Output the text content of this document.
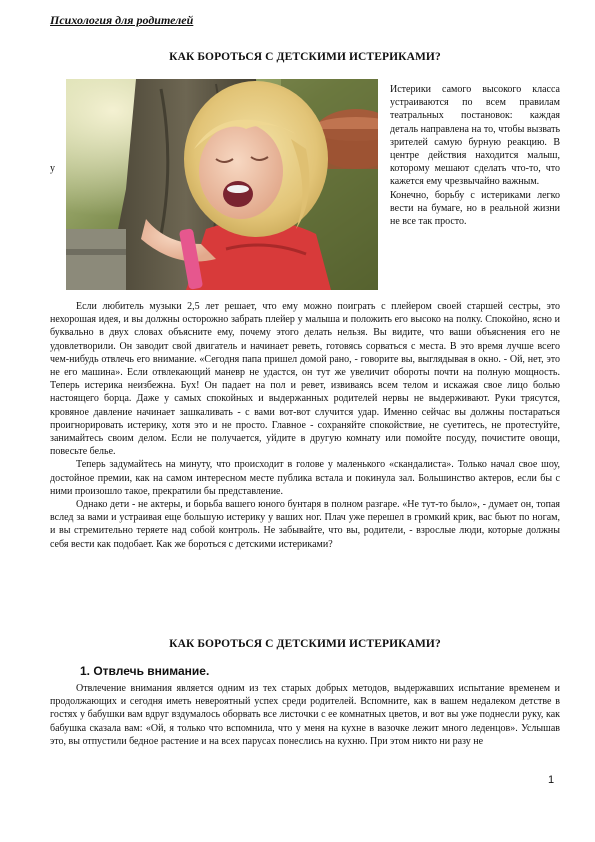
Психология для родителей
КАК БОРОТЬСЯ С ДЕТСКИМИ ИСТЕРИКАМИ?
у

Истерики самого высокого класса устраиваются по всем правилам театральных постановок: каждая деталь направлена на то, чтобы вызвать зрителей самую бурную реакцию. В центре действия находится малыш, которому мешают сделать что-то, что кажется ему чрезвычайно важным.

Конечно, борьбу с истериками легко вести на бумаге, но в реальной жизни не все так просто.

Если любитель музыки 2,5 лет решает, что ему можно поиграть с плейером своей старшей сестры, это нехорошая идея, и вы должны осторожно забрать плейер у малыша и положить его высоко на полку. Спокойно, ясно и буквально в двух словах объясните ему, почему этого делать нельзя. Вы видите, что ваши объяснения его не удовлетворили. Он заводит свой двигатель и начинает реветь, готовясь сорваться с места. В это время лучше всего чем-нибудь отвлечь его внимание. «Сегодня папа пришел домой рано, - говорите вы, выглядывая в окно. - Ой, нет, это не его машина». Если отвлекающий маневр не удастся, он тут же увеличит обороты почти на полную мощность. Теперь истерика неизбежна. Бух! Он падает на пол и ревет, извиваясь всем телом и искажая свое лицо болью настоящего борца. Даже у самых спокойных и выдержанных родителей нервы не выдерживают. Руки трясутся, кровяное давление начинает зашкаливать - с вами вот-вот случится удар. Именно сейчас вы должны постараться проигнорировать истерику, хотя это и не просто. Главное - сохраняйте спокойствие, не суетитесь, не протестуйте, занимайтесь своим делом. Если не получается, уйдите в другую комнату или помойте посуду, почистите овощи, повесьте белье.

Теперь задумайтесь на минуту, что происходит в голове у маленького «скандалиста». Только начал свое шоу, достойное премии, как на самом интересном месте публика встала и покинула зал. Большинство актеров, если бы с ними произошло такое, прекратили бы представление.

Однако дети - не актеры, и борьба вашего юного бунтаря в полном разгаре. «Не тут-то было», - думает он, топая вслед за вами и устраивая еще большую истерику у ваших ног. Плач уже перешел в громкий крик, вас бьют по ногам, и вы стремительно теряете над собой контроль. Не забывайте, что вы, родители, - взрослые люди, которые должны себя вести как подобает. Как же бороться с детскими истериками?

КАК БОРОТЬСЯ С ДЕТСКИМИ ИСТЕРИКАМИ?
1. Отвлечь внимание.

Отвлечение внимания является одним из тех старых добрых методов, выдержавших испытание временем и продолжающих и сегодня иметь невероятный успех среди родителей. Вспомните, как в вашем недалеком детстве в гостях у бабушки вам вдруг вздумалось оборвать все листочки с ее комнатных цветов, и вот вы уже поднесли руку, как бабушка сказала вам: «Ой, я только что вспомнила, что у меня на кухне в вазочке лежит много леденцов». Услышав это, вы отпустили бедное растение и на всех парусах понеслись на кухню. При этом никто ни разу не

1
